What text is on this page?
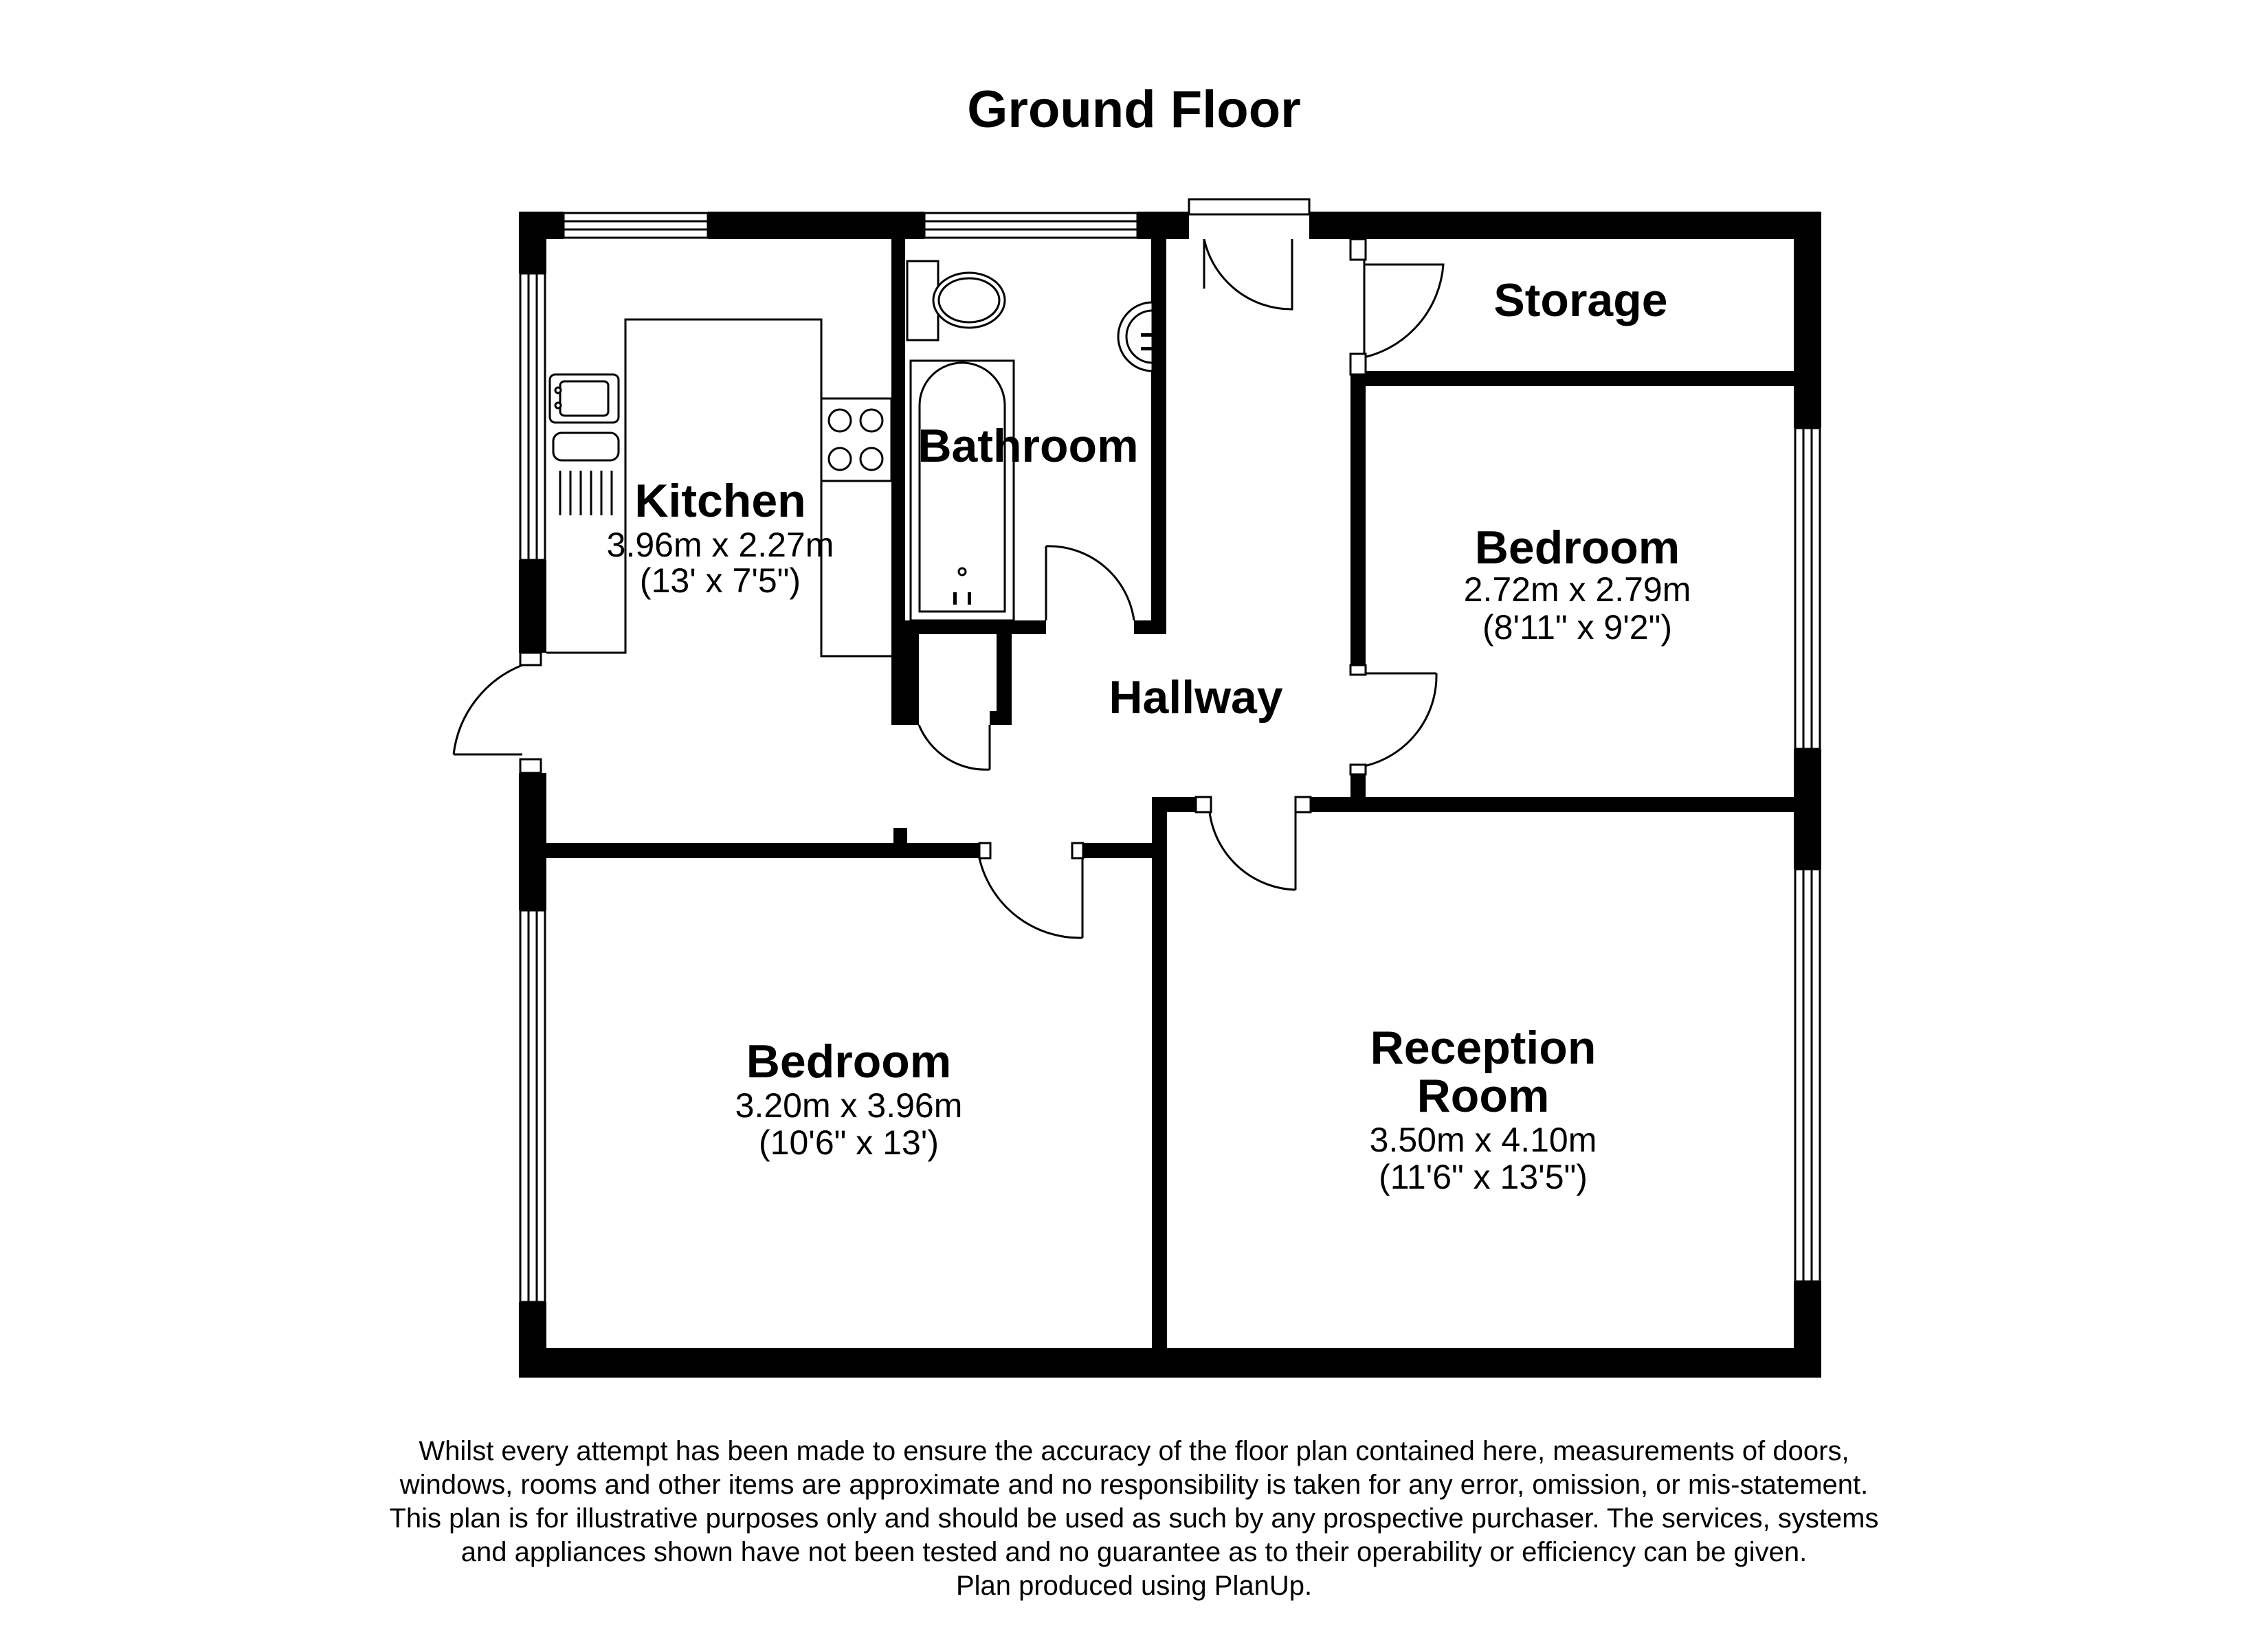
Ground Floor
Kitchen
3.96m x 2.27m
(13' x 7'5")
Bathroom
Storage
Hallway
Bedroom
2.72m x 2.79m
(8'11" x 9'2")
Bedroom
3.20m x 3.96m
(10'6" x 13')
Reception
Room
3.50m x 4.10m
(11'6" x 13'5")

Whilst every attempt has been made to ensure the accuracy of the floor plan contained here, measurements of doors, windows, rooms and other items are approximate and no responsibility is taken for any error, omission, or mis-statement. This plan is for illustrative purposes only and should be used as such by any prospective purchaser. The services, systems and appliances shown have not been tested and no guarantee as to their operability or efficiency can be given.

Plan produced using PlanUp.
